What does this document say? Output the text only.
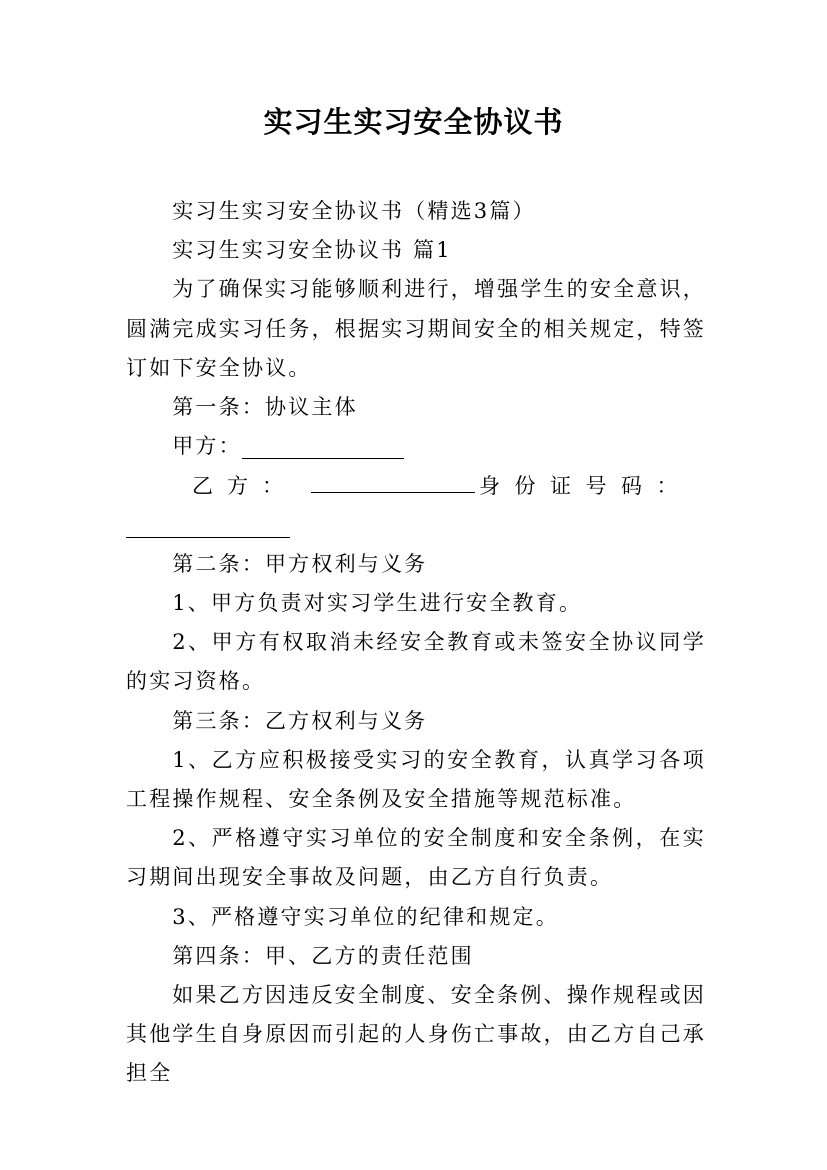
实习生实习安全协议书

实习生实习安全协议书（精选3篇）

实习生实习安全协议书 篇1

为了确保实习能够顺利进行，增强学生的安全意识，圆满完成实习任务，根据实习期间安全的相关规定，特签订如下安全协议。

第一条：协议主体

甲方：

乙方：	身份证号码：

第二条：甲方权利与义务

1、甲方负责对实习学生进行安全教育。

2、甲方有权取消未经安全教育或未签安全协议同学的实习资格。

第三条：乙方权利与义务

1、乙方应积极接受实习的安全教育，认真学习各项工程操作规程、安全条例及安全措施等规范标准。

2、严格遵守实习单位的安全制度和安全条例，在实习期间出现安全事故及问题，由乙方自行负责。

3、严格遵守实习单位的纪律和规定。

第四条：甲、乙方的责任范围

如果乙方因违反安全制度、安全条例、操作规程或因其他学生自身原因而引起的人身伤亡事故，由乙方自己承担全
